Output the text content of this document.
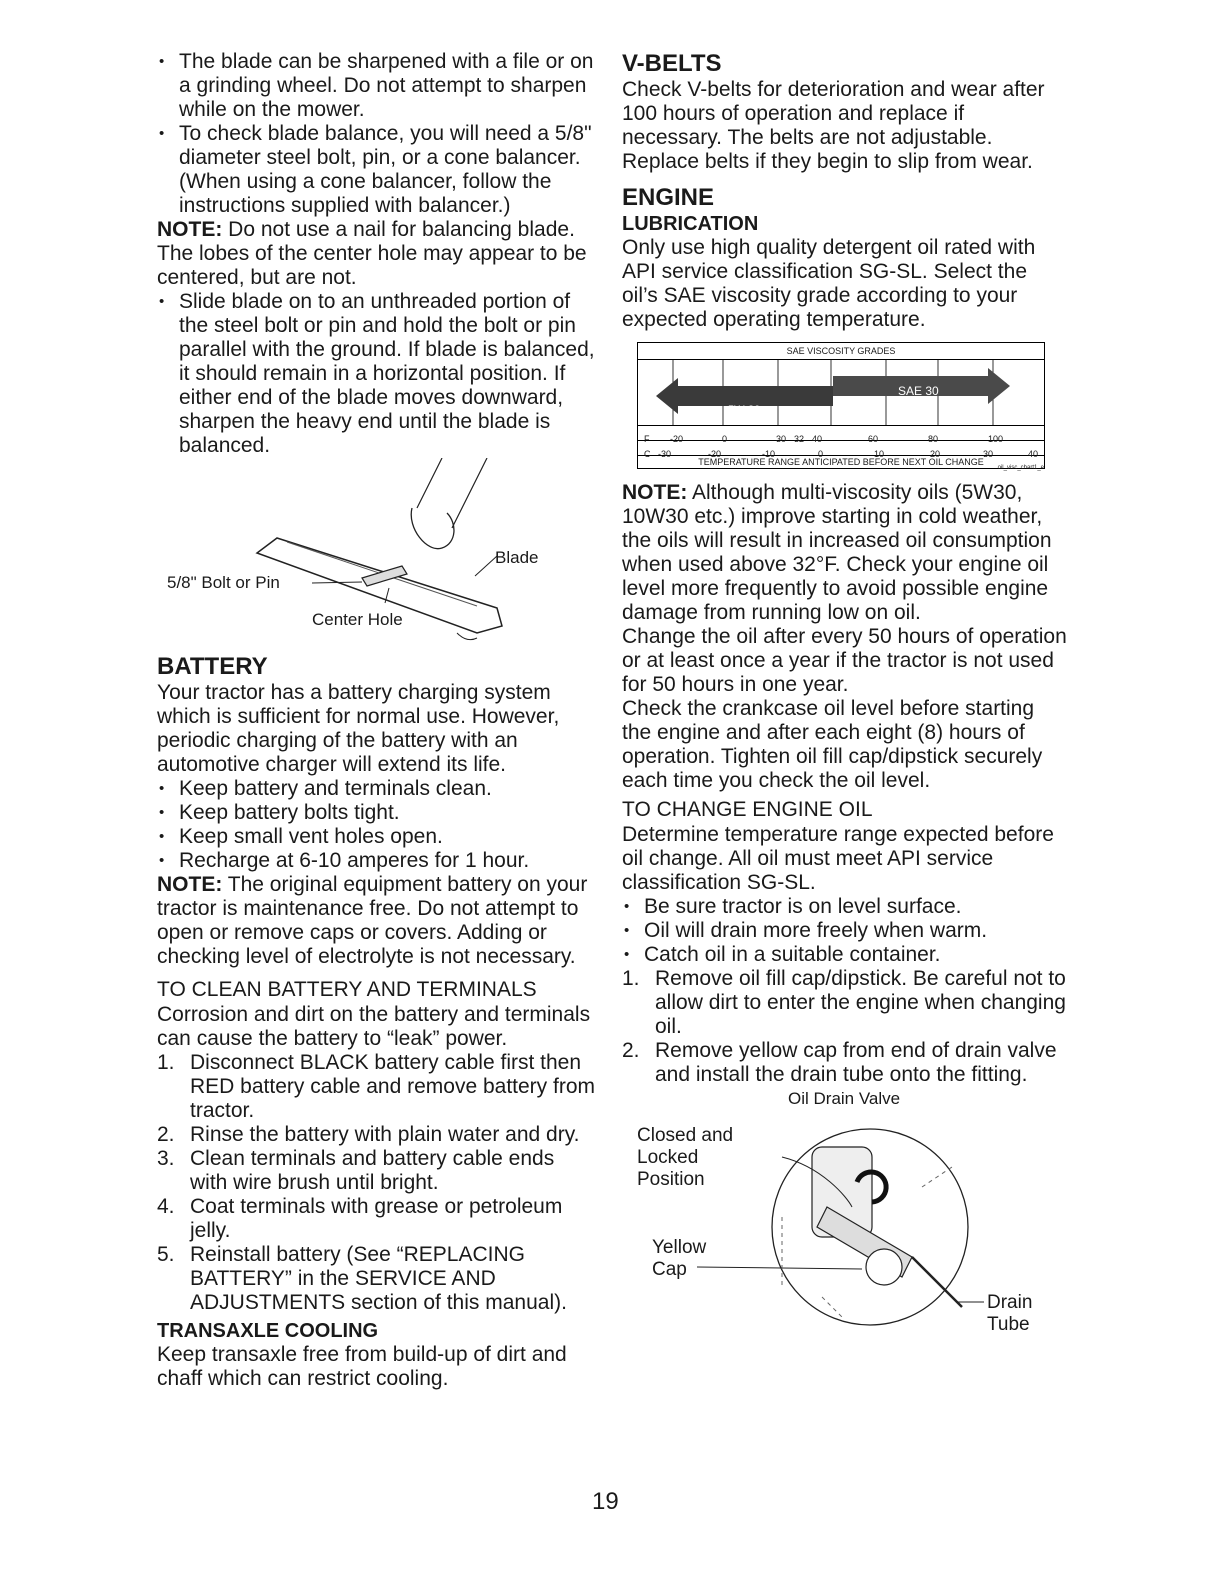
• The blade can be sharpened with a file or on a grinding wheel. Do not attempt to sharpen while on the mower.

• To check blade balance, you will need a 5/8" diameter steel bolt, pin, or a cone balancer. (When using a cone balancer, follow the instructions supplied with balancer.)

NOTE: Do not use a nail for balancing blade. The lobes of the center hole may appear to be centered, but are not.

• Slide blade on to an unthreaded portion of the steel bolt or pin and hold the bolt or pin parallel with the ground. If blade is balanced, it should remain in a horizontal position. If either end of the blade moves downward, sharpen the heavy end until the blade is balanced.

5/8" Bolt or Pin
Blade
Center Hole
BATTERY

Your tractor has a battery charging system which is sufficient for normal use. However, periodic charging of the battery with an automotive charger will extend its life.

• Keep battery and terminals clean.

• Keep battery bolts tight.

• Keep small vent holes open.

• Recharge at 6-10 amperes for 1 hour.

NOTE: The original equipment battery on your tractor is maintenance free. Do not attempt to open or remove caps or covers. Adding or checking level of electrolyte is not necessary.

TO CLEAN BATTERY AND TERMINALS

Corrosion and dirt on the battery and terminals can cause the battery to “leak” power.

1. Disconnect BLACK battery cable first then RED battery cable and remove battery from tractor.
2. Rinse the battery with plain water and dry.
3. Clean terminals and battery cable ends with wire brush until bright.
4. Coat terminals with grease or petroleum jelly.
5. Reinstall battery (See “REPLACING BATTERY” in the SERVICE AND ADJUSTMENTS section of this manual).
TRANSAXLE COOLING

Keep transaxle free from build-up of dirt and chaff which can restrict cooling.

V-BELTS

Check V-belts for deterioration and wear after 100 hours of operation and replace if necessary. The belts are not adjustable. Replace belts if they begin to slip from wear.

ENGINE
LUBRICATION

Only use high quality detergent oil rated with API service classification SG-SL. Select the oil’s SAE viscosity grade according to your expected operating temperature.

SAE VISCOSITY GRADES
5W-30
SAE 30
F -20	0	30 32 40	60	80	100
C -30	-20	-10	0	10	20	30	40
TEMPERATURE RANGE ANTICIPATED BEFORE NEXT OIL CHANGE
oil_visc_chart1_e

NOTE: Although multi-viscosity oils (5W30, 10W30 etc.) improve starting in cold weather, the oils will result in increased oil consumption when used above 32°F. Check your engine oil level more frequently to avoid possible engine damage from running low on oil.

Change the oil after every 50 hours of operation or at least once a year if the tractor is not used for 50 hours in one year.

Check the crankcase oil level before starting the engine and after each eight (8) hours of operation. Tighten oil fill cap/dipstick securely each time you check the oil level.

TO CHANGE ENGINE OIL

Determine temperature range expected before oil change. All oil must meet API service classification SG-SL.

• Be sure tractor is on level surface.

• Oil will drain more freely when warm.

• Catch oil in a suitable container.

1. Remove oil fill cap/dipstick. Be careful not to allow dirt to enter the engine when changing oil.
2. Remove yellow cap from end of drain valve and install the drain tube onto the fitting.
Oil Drain Valve
Closed and
Locked
Position
Yellow
Cap
Drain
Tube
19
